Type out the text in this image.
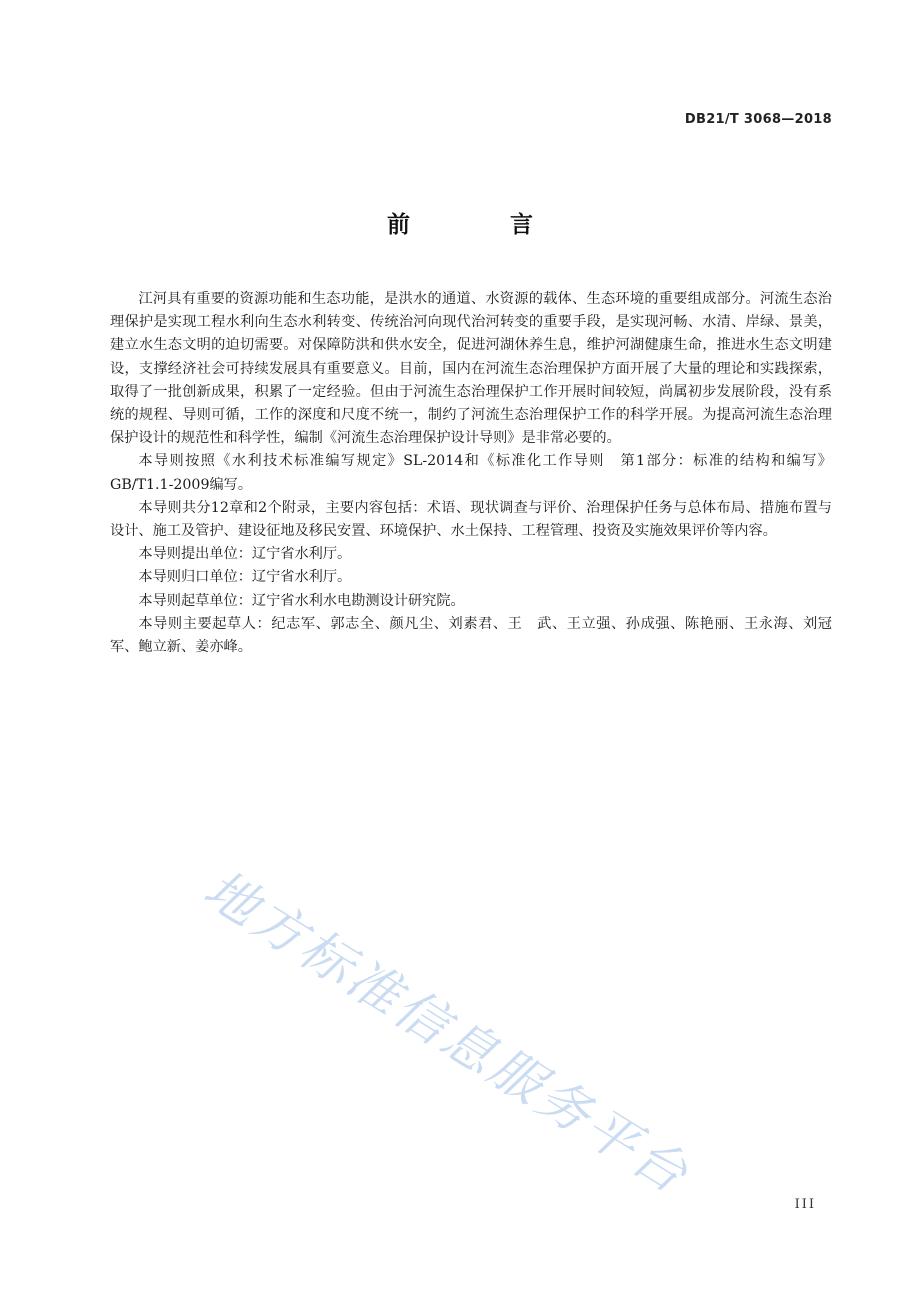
DB21/T 3068—2018
前 言

江河具有重要的资源功能和生态功能，是洪水的通道、水资源的载体、生态环境的重要组成部分。河流生态治理保护是实现工程水利向生态水利转变、传统治河向现代治河转变的重要手段，是实现河畅、水清、岸绿、景美，建立水生态文明的迫切需要。对保障防洪和供水安全，促进河湖休养生息，维护河湖健康生命，推进水生态文明建设，支撑经济社会可持续发展具有重要意义。目前，国内在河流生态治理保护方面开展了大量的理论和实践探索，取得了一批创新成果，积累了一定经验。但由于河流生态治理保护工作开展时间较短，尚属初步发展阶段，没有系统的规程、导则可循，工作的深度和尺度不统一，制约了河流生态治理保护工作的科学开展。为提高河流生态治理保护设计的规范性和科学性，编制《河流生态治理保护设计导则》是非常必要的。

本导则按照《水利技术标准编写规定》SL-2014和《标准化工作导则　第1部分：标准的结构和编写》GB/T1.1-2009编写。

本导则共分12章和2个附录，主要内容包括：术语、现状调查与评价、治理保护任务与总体布局、措施布置与设计、施工及管护、建设征地及移民安置、环境保护、水土保持、工程管理、投资及实施效果评价等内容。

本导则提出单位：辽宁省水利厅。

本导则归口单位：辽宁省水利厅。

本导则起草单位：辽宁省水利水电勘测设计研究院。

本导则主要起草人：纪志军、郭志全、颜凡尘、刘素君、王　武、王立强、孙成强、陈艳丽、王永海、刘冠军、鲍立新、姜亦峰。

地方标准信息服务平台	III
